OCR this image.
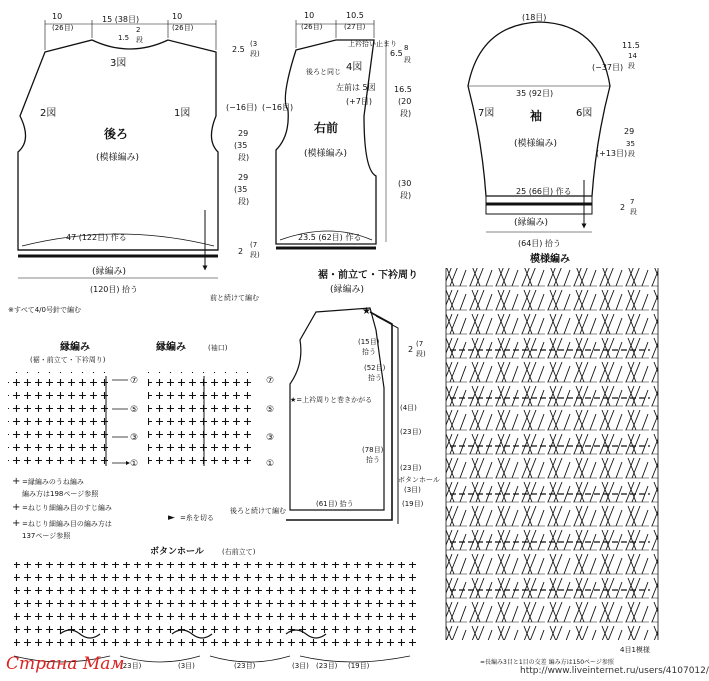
10
(26目)
15 (38目)	10
(26目)
1.5
2
段
3図
2図	1図
(−16目)
後ろ
(模様編み)
29
(35
段)
47 (122目) 作る
2
(7
段)
(縁編み)
(120目) 拾う
※すべて4/0号針で編む
前と続けて編む
10
(26目)
10.5
(27目)
2.5
(3
段)
上衿拾い止まり
6.5
8
段
4図
後ろと同じ
左前は 5図
(+7目)
16.5
(20
段)
(−16目)
右前
(模様編み)
29
(35
段)
(30
段)
23.5 (62目) 作る
(18目)
11.5
14
段
(−37目)
35 (92目)
7図	袖	6図
(模様編み)
(+13目)
29
35
段
25 (66目) 作る
2
7
段
(縁編み)
(64目) 拾う
裾・前立て・下衿周り
(縁編み)
★
(15目)
拾う	2
(7
段)
(52目)
拾う
★=上衿周りと巻きかがる
(4目)
(23目)
(78目)
拾う
(23目)
ボタンホール
(3目)
(19目)
(61目) 拾う
後ろと続けて編む
縁編み
(裾・前立て・下衿周り)
⑦
⑤
③
①
縁編み	(袖口)
⑦
⑤
③
①
+ =縁編みのうね編み
編み方は198ページ参照
+ =ねじり細編み目のすじ編み
+ =ねじり細編み目の編み方は
137ページ参照
► =糸を切る
ボタンホール	(右前立て)
(23目)	(3目)	(23目)	(3目) (23目) (19目)
模様編み
4目1模様
=長編み3目と1目の交差 編み方は150ページ参照
Страна Мам	http://www.liveinternet.ru/users/4107012/
